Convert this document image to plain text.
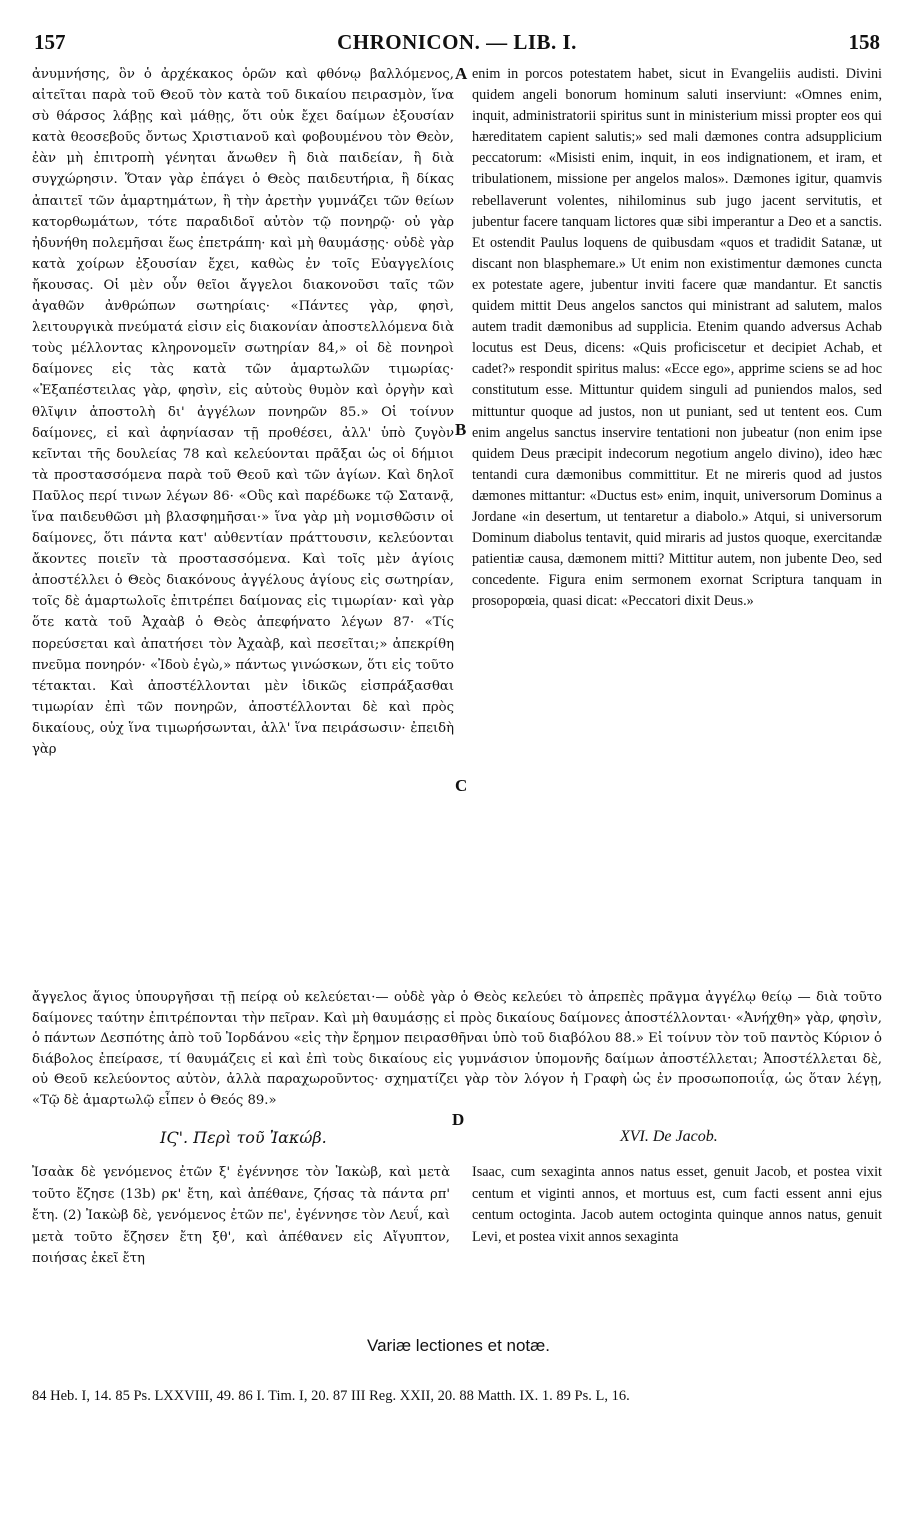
157	CHRONICON. — LIB. I.	158
ἀνυμνήσης, ὃν ὁ ἀρχέκακος ὁρῶν καὶ φθόνῳ βαλλόμενος, αἰτεῖται παρὰ τοῦ Θεοῦ τὸν κατὰ τοῦ δικαίου πειρασμὸν, ἵνα σὺ θάρσος λάβῃς καὶ μάθῃς, ὅτι οὐκ ἔχει δαίμων ἐξουσίαν κατὰ θεοσεβοῦς ὄντως Χριστιανοῦ καὶ φοβουμένου τὸν Θεὸν, ἐὰν μὴ ἐπιτροπὴ γένηται ἄνωθεν ἢ διὰ παιδείαν, ἢ διὰ συγχώρησιν. Ὅταν γὰρ ἐπάγει ὁ Θεὸς παιδευτήρια, ἢ δίκας ἀπαιτεῖ τῶν ἁμαρτημάτων, ἢ τὴν ἀρετὴν γυμνάζει τῶν θείων κατορθωμάτων, τότε παραδιδοῖ αὐτὸν τῷ πονηρῷ· οὐ γὰρ ἠδυνήθη πολεμῆσαι ἕως ἐπετράπη· καὶ μὴ θαυμάσῃς· οὐδὲ γὰρ κατὰ χοίρων ἐξουσίαν ἔχει, καθὼς ἐν τοῖς Εὐαγγελίοις ἤκουσας. Οἱ μὲν οὖν θεῖοι ἄγγελοι διακονοῦσι ταῖς τῶν ἀγαθῶν ἀνθρώπων σωτηρίαις· «Πάντες γὰρ, φησὶ, λειτουργικὰ πνεύματά εἰσιν εἰς διακονίαν ἀποστελλόμενα διὰ τοὺς μέλλοντας κληρονομεῖν σωτηρίαν 84,» οἱ δὲ πονηροὶ δαίμονες εἰς τὰς κατὰ τῶν ἁμαρτωλῶν τιμωρίας· «Ἐξαπέστειλας γὰρ, φησὶν, εἰς αὐτοὺς θυμὸν καὶ ὀργὴν καὶ θλῖψιν ἀποστολὴ δι' ἀγγέλων πονηρῶν 85.» Οἱ τοίνυν δαίμονες, εἰ καὶ ἀφηνίασαν τῇ προθέσει, ἀλλ' ὑπὸ ζυγὸν κεῖνται τῆς δουλείας 78 καὶ κελεύονται πρᾶξαι ὡς οἱ δήμιοι τὰ προστασσόμενα παρὰ τοῦ Θεοῦ καὶ τῶν ἁγίων. Καὶ δηλοῖ Παῦλος περί τινων λέγων 86· «Οὓς καὶ παρέδωκε τῷ Σατανᾷ, ἵνα παιδευθῶσι μὴ βλασφημῆσαι·» ἵνα γὰρ μὴ νομισθῶσιν οἱ δαίμονες, ὅτι πάντα κατ' αὐθεντίαν πράττουσιν, κελεύονται ἄκοντες ποιεῖν τὰ προστασσόμενα. Καὶ τοῖς μὲν ἁγίοις ἀποστέλλει ὁ Θεὸς διακόνους ἀγγέλους ἁγίους εἰς σωτηρίαν, τοῖς δὲ ἁμαρτωλοῖς ἐπιτρέπει δαίμονας εἰς τιμωρίαν· καὶ γὰρ ὅτε κατὰ τοῦ Ἀχαὰβ ὁ Θεὸς ἀπεφήνατο λέγων 87· «Τίς πορεύσεται καὶ ἀπατήσει τὸν Ἀχαὰβ, καὶ πεσεῖται;» ἀπεκρίθη πνεῦμα πονηρόν· «Ἰδοὺ ἐγὼ,» πάντως γινώσκων, ὅτι εἰς τοῦτο τέτακται. Καὶ ἀποστέλλονται μὲν ἰδικῶς εἰσπράξασθαι τιμωρίαν ἐπὶ τῶν πονηρῶν, ἀποστέλλονται δὲ καὶ πρὸς δικαίους, οὐχ ἵνα τιμωρήσωνται, ἀλλ' ἵνα πειράσωσιν· ἐπειδὴ γὰρ
enim in porcos potestatem habet, sicut in Evangeliis audisti. Divini quidem angeli bonorum hominum saluti inserviunt: «Omnes enim, inquit, administratorii spiritus sunt in ministerium missi propter eos qui hæreditatem capient salutis;» sed mali dæmones contra adsupplicium peccatorum: «Misisti enim, inquit, in eos indignationem, et iram, et tribulationem, missione per angelos malos». Dæmones igitur, quamvis rebellaverunt volentes, nihilominus sub jugo jacent servitutis, et jubentur facere tanquam lictores quæ sibi imperantur a Deo et a sanctis. Et ostendit Paulus loquens de quibusdam «quos et tradidit Satanæ, ut discant non blasphemare.» Ut enim non existimentur dæmones cuncta ex potestate agere, jubentur inviti facere quæ mandantur. Et sanctis quidem mittit Deus angelos sanctos qui ministrant ad salutem, malos autem tradit dæmonibus ad supplicia. Etenim quando adversus Achab locutus est Deus, dicens: «Quis proficiscetur et decipiet Achab, et cadet?» respondit spiritus malus: «Ecce ego», apprime sciens se ad hoc constitutum esse. Mittuntur quidem singuli ad puniendos malos, sed mittuntur quoque ad justos, non ut puniant, sed ut tentent eos. Cum enim angelus sanctus inservire tentationi non jubeatur (non enim ipse quidem Deus præcipit indecorum negotium angelo divino), ideo hæc tentandi cura dæmonibus committitur. Et ne mireris quod ad justos dæmones mittantur: «Ductus est» enim, inquit, universorum Dominus a Jordane «in desertum, ut tentaretur a diabolo.» Atqui, si universorum Dominum diabolus tentavit, quid miraris ad justos quoque, exercitandæ patientiæ causa, dæmonem mitti? Mittitur autem, non jubente Deo, sed concedente. Figura enim sermonem exornat Scriptura tanquam in prosopopœia, quasi dicat: «Peccatori dixit Deus.»
A
B
C
D
ἄγγελος ἅγιος ὑπουργῆσαι τῇ πείρᾳ οὐ κελεύεται·— οὐδὲ γὰρ ὁ Θεὸς κελεύει τὸ ἀπρεπὲς πρᾶγμα ἀγγέλῳ θείῳ — διὰ τοῦτο δαίμονες ταύτην ἐπιτρέπονται τὴν πεῖραν. Καὶ μὴ θαυμάσῃς εἰ πρὸς δικαίους δαίμονες ἀποστέλλονται· «Ἀνήχθη» γὰρ, φησὶν, ὁ πάντων Δεσπότης ἀπὸ τοῦ Ἰορδάνου «εἰς τὴν ἔρημον πειρασθῆναι ὑπὸ τοῦ διαβόλου 88.» Εἰ τοίνυν τὸν τοῦ παντὸς Κύριον ὁ διάβολος ἐπείρασε, τί θαυμάζεις εἰ καὶ ἐπὶ τοὺς δικαίους εἰς γυμνάσιον ὑπομονῆς δαίμων ἀποστέλλεται; Ἀποστέλλεται δὲ, οὐ Θεοῦ κελεύοντος αὐτὸν, ἀλλὰ παραχωροῦντος· σχηματίζει γὰρ τὸν λόγον ἡ Γραφὴ ὡς ἐν προσωποποιΐᾳ, ὡς ὅταν λέγῃ, «Τῷ δὲ ἁμαρτωλῷ εἶπεν ὁ Θεός 89.»
ΙϚ'. Περὶ τοῦ Ἰακώβ.	XVI. De Jacob.
Ἰσαὰκ δὲ γενόμενος ἐτῶν ξ' ἐγέννησε τὸν Ἰακὼβ, καὶ μετὰ τοῦτο ἔζησε (13b) ρκ' ἔτη, καὶ ἀπέθανε, ζήσας τὰ πάντα ρπ' ἔτη. (2) Ἰακὼβ δὲ, γενόμενος ἐτῶν πε', ἐγέννησε τὸν Λευΐ, καὶ μετὰ τοῦτο ἔζησεν ἔτη ξθ', καὶ ἀπέθανεν εἰς Αἴγυπτον, ποιήσας ἐκεῖ ἔτη
Isaac, cum sexaginta annos natus esset, genuit Jacob, et postea vixit centum et viginti annos, et mortuus est, cum facti essent anni ejus centum octoginta. Jacob autem octoginta quinque annos natus, genuit Levi, et postea vixit annos sexaginta
Variæ lectiones et notæ.
84 Heb. I, 14. 85 Ps. LXXVIII, 49. 86 I. Tim. I, 20. 87 III Reg. XXII, 20. 88 Matth. IX. 1. 89 Ps. L, 16.
